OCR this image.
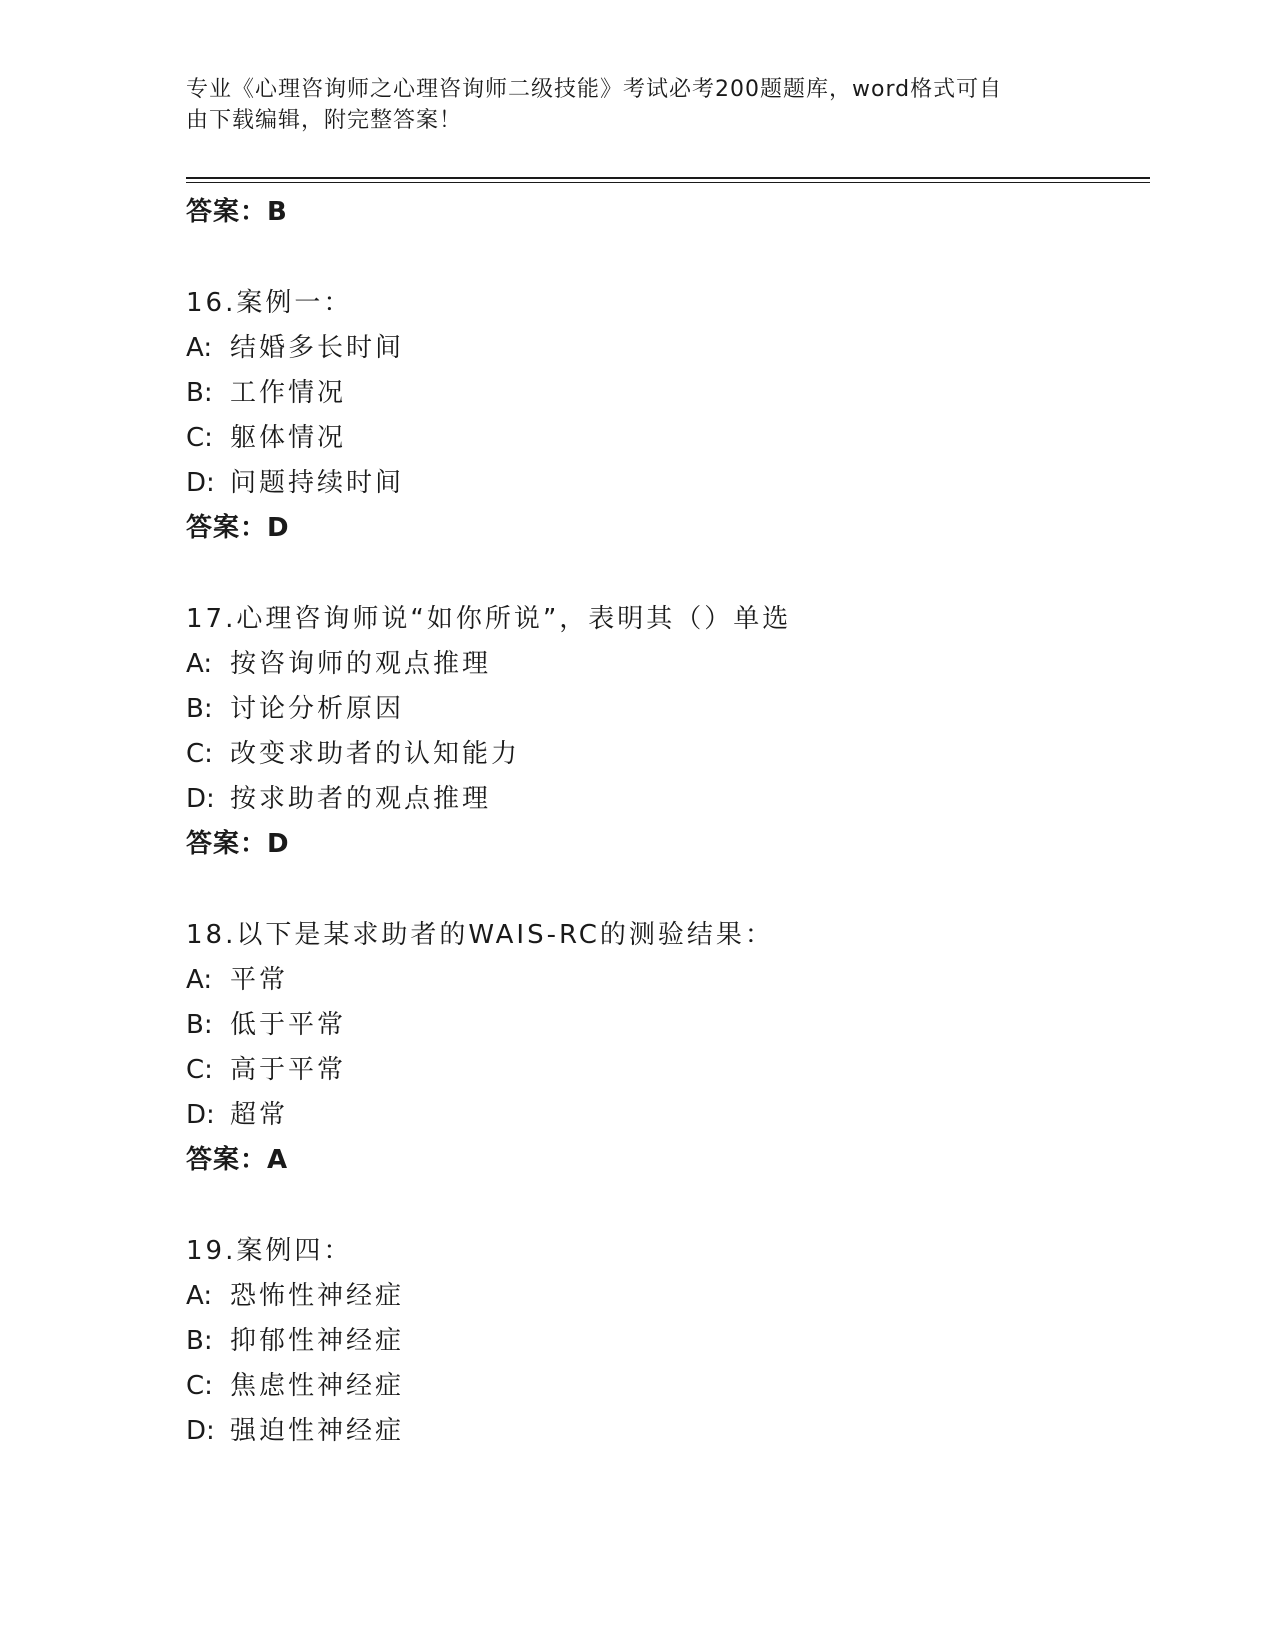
专业《心理咨询师之心理咨询师二级技能》考试必考200题题库，word格式可自
由下载编辑，附完整答案！
答案：B
16.案例一：
A: 结婚多长时间
B: 工作情况
C: 躯体情况
D: 问题持续时间
答案：D
17.心理咨询师说“如你所说”，表明其（）单选
A: 按咨询师的观点推理
B: 讨论分析原因
C: 改变求助者的认知能力
D: 按求助者的观点推理
答案：D
18.以下是某求助者的WAIS-RC的测验结果：
A: 平常
B: 低于平常
C: 高于平常
D: 超常
答案：A
19.案例四：
A: 恐怖性神经症
B: 抑郁性神经症
C: 焦虑性神经症
D: 强迫性神经症
